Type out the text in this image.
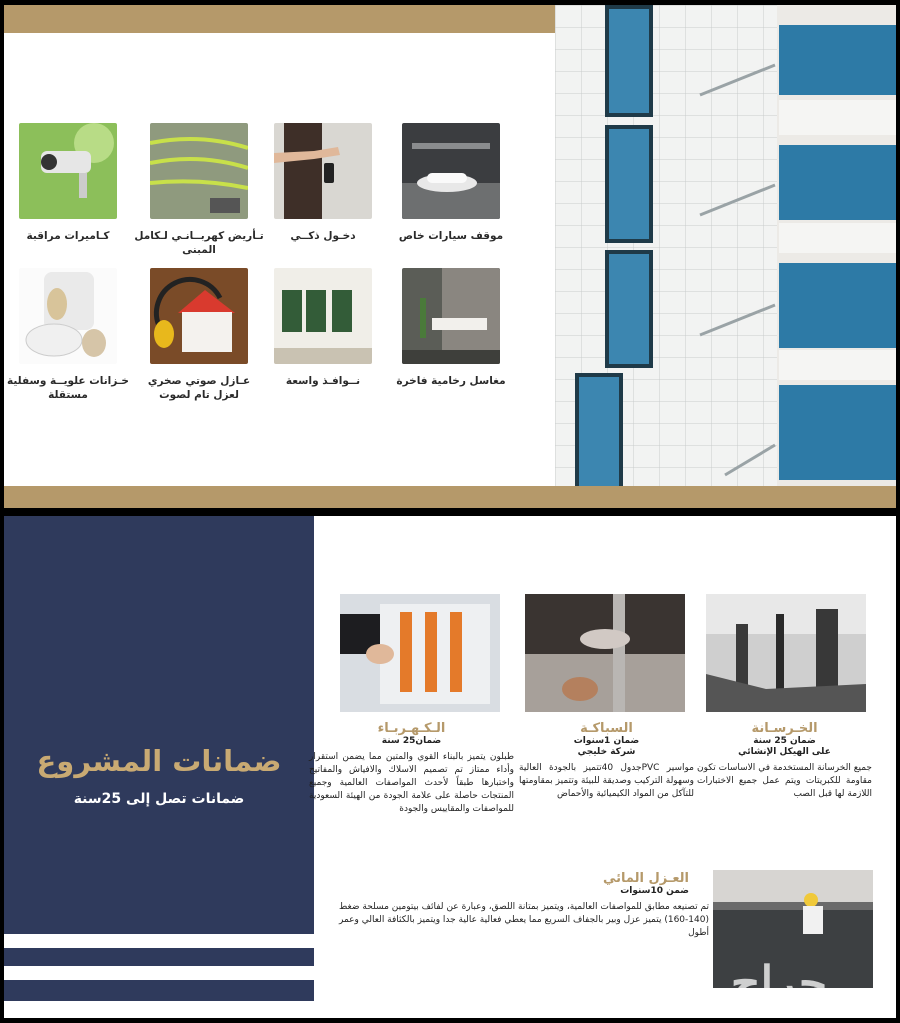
موقف سيارات خاص
دخـول ذكــي
تـأريض كهربــانـي لـكامل المبنى
كـاميرات مراقبة
مغاسل رخامية فاخرة
نــوافـذ واسعة
عـازل صوتي صخري لعزل تام لصوت
خـزانات علويــة وسفلية مستقلة
ضمانات المشروع
ضمانات تصل إلى 25سنة
الخـرسـانة
ضمان 25 سنة
على الهيكل الإنشائي
جميع الخرسانة المستخدمة في الاساسات تكون مقاومة للكبريتات ويتم عمل جميع الاختبارات اللازمة لها قبل الصب
السباكـة
ضمان 1سنوات
شركة خليجي
مواسير PVCجدول 40تتميز بالجودة العالية وسهولة التركيب وصديقة للبيئة وتتميز بمقاومتها للتآكل من المواد الكيميائية والأحماض
الـكـهـربـاء
ضمان25 سنة
طبلون يتميز بالبناء القوي والمتين مما يضمن استقرار وأداء ممتاز تم تصميم الاسلاك والافياش والمفاتيح واختبارها طبقاً لأحدث المواصفات العالمية وجميع المنتجات حاصلة على علامة الجودة من الهيئة السعودية للمواصفات والمقاييس والجودة
العـزل المائي
ضمن 10سنوات
تم تصنيعه مطابق للمواصفات العالمية، ويتميز بمتانة اللصق، وعبارة عن لفائف بيتومين مسلحة ضغط (140-160) يتميز عزل وبير بالجفاف السريع مما يعطي فعالية عالية جدا ويتميز بالكثافة العالي وعمر أطول
حراج
